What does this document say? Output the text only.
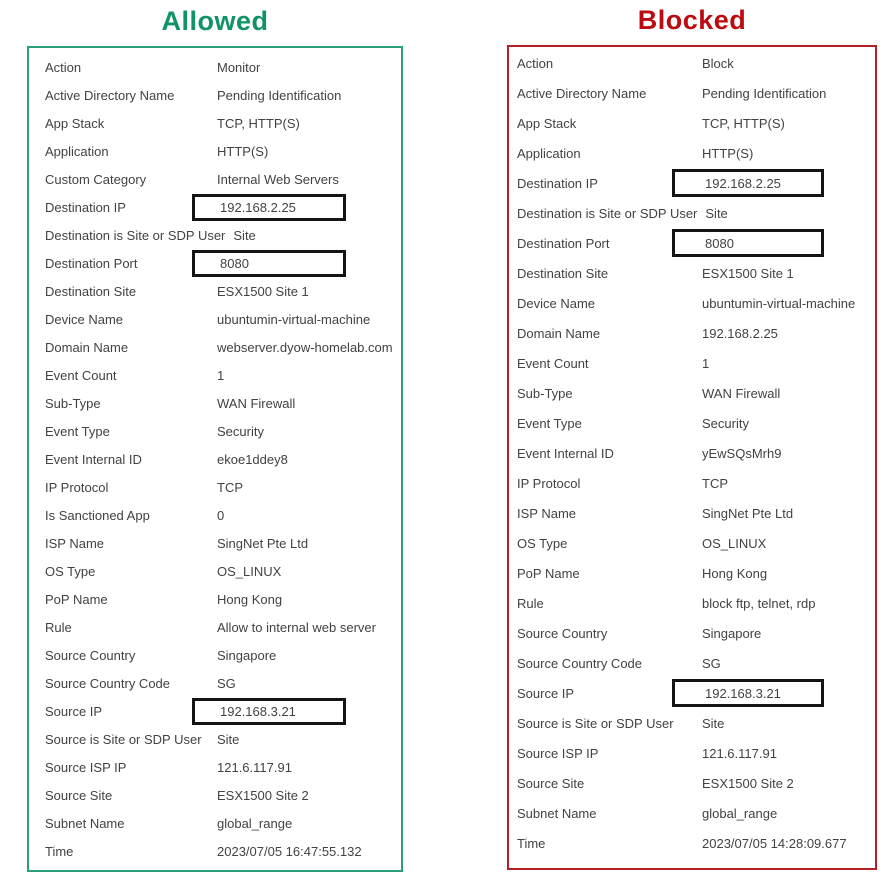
Allowed
Action	Monitor
Active Directory Name	Pending Identification
App Stack	TCP, HTTP(S)
Application	HTTP(S)
Custom Category	Internal Web Servers
Destination IP	192.168.2.25
Destination is Site or SDP User Site
Destination Port	8080
Destination Site	ESX1500 Site 1
Device Name	ubuntumin-virtual-machine
Domain Name	webserver.dyow-homelab.com
Event Count	1
Sub-Type	WAN Firewall
Event Type	Security
Event Internal ID	ekoe1ddey8
IP Protocol	TCP
Is Sanctioned App	0
ISP Name	SingNet Pte Ltd
OS Type	OS_LINUX
PoP Name	Hong Kong
Rule	Allow to internal web server
Source Country	Singapore
Source Country Code	SG
Source IP	192.168.3.21
Source is Site or SDP User	Site
Source ISP IP	121.6.117.91
Source Site	ESX1500 Site 2
Subnet Name	global_range
Time	2023/07/05 16:47:55.132
Blocked
Action	Block
Active Directory Name	Pending Identification
App Stack	TCP, HTTP(S)
Application	HTTP(S)
Destination IP	192.168.2.25
Destination is Site or SDP User Site
Destination Port	8080
Destination Site	ESX1500 Site 1
Device Name	ubuntumin-virtual-machine
Domain Name	192.168.2.25
Event Count	1
Sub-Type	WAN Firewall
Event Type	Security
Event Internal ID	yEwSQsMrh9
IP Protocol	TCP
ISP Name	SingNet Pte Ltd
OS Type	OS_LINUX
PoP Name	Hong Kong
Rule	block ftp, telnet, rdp
Source Country	Singapore
Source Country Code	SG
Source IP	192.168.3.21
Source is Site or SDP User	Site
Source ISP IP	121.6.117.91
Source Site	ESX1500 Site 2
Subnet Name	global_range
Time	2023/07/05 14:28:09.677
